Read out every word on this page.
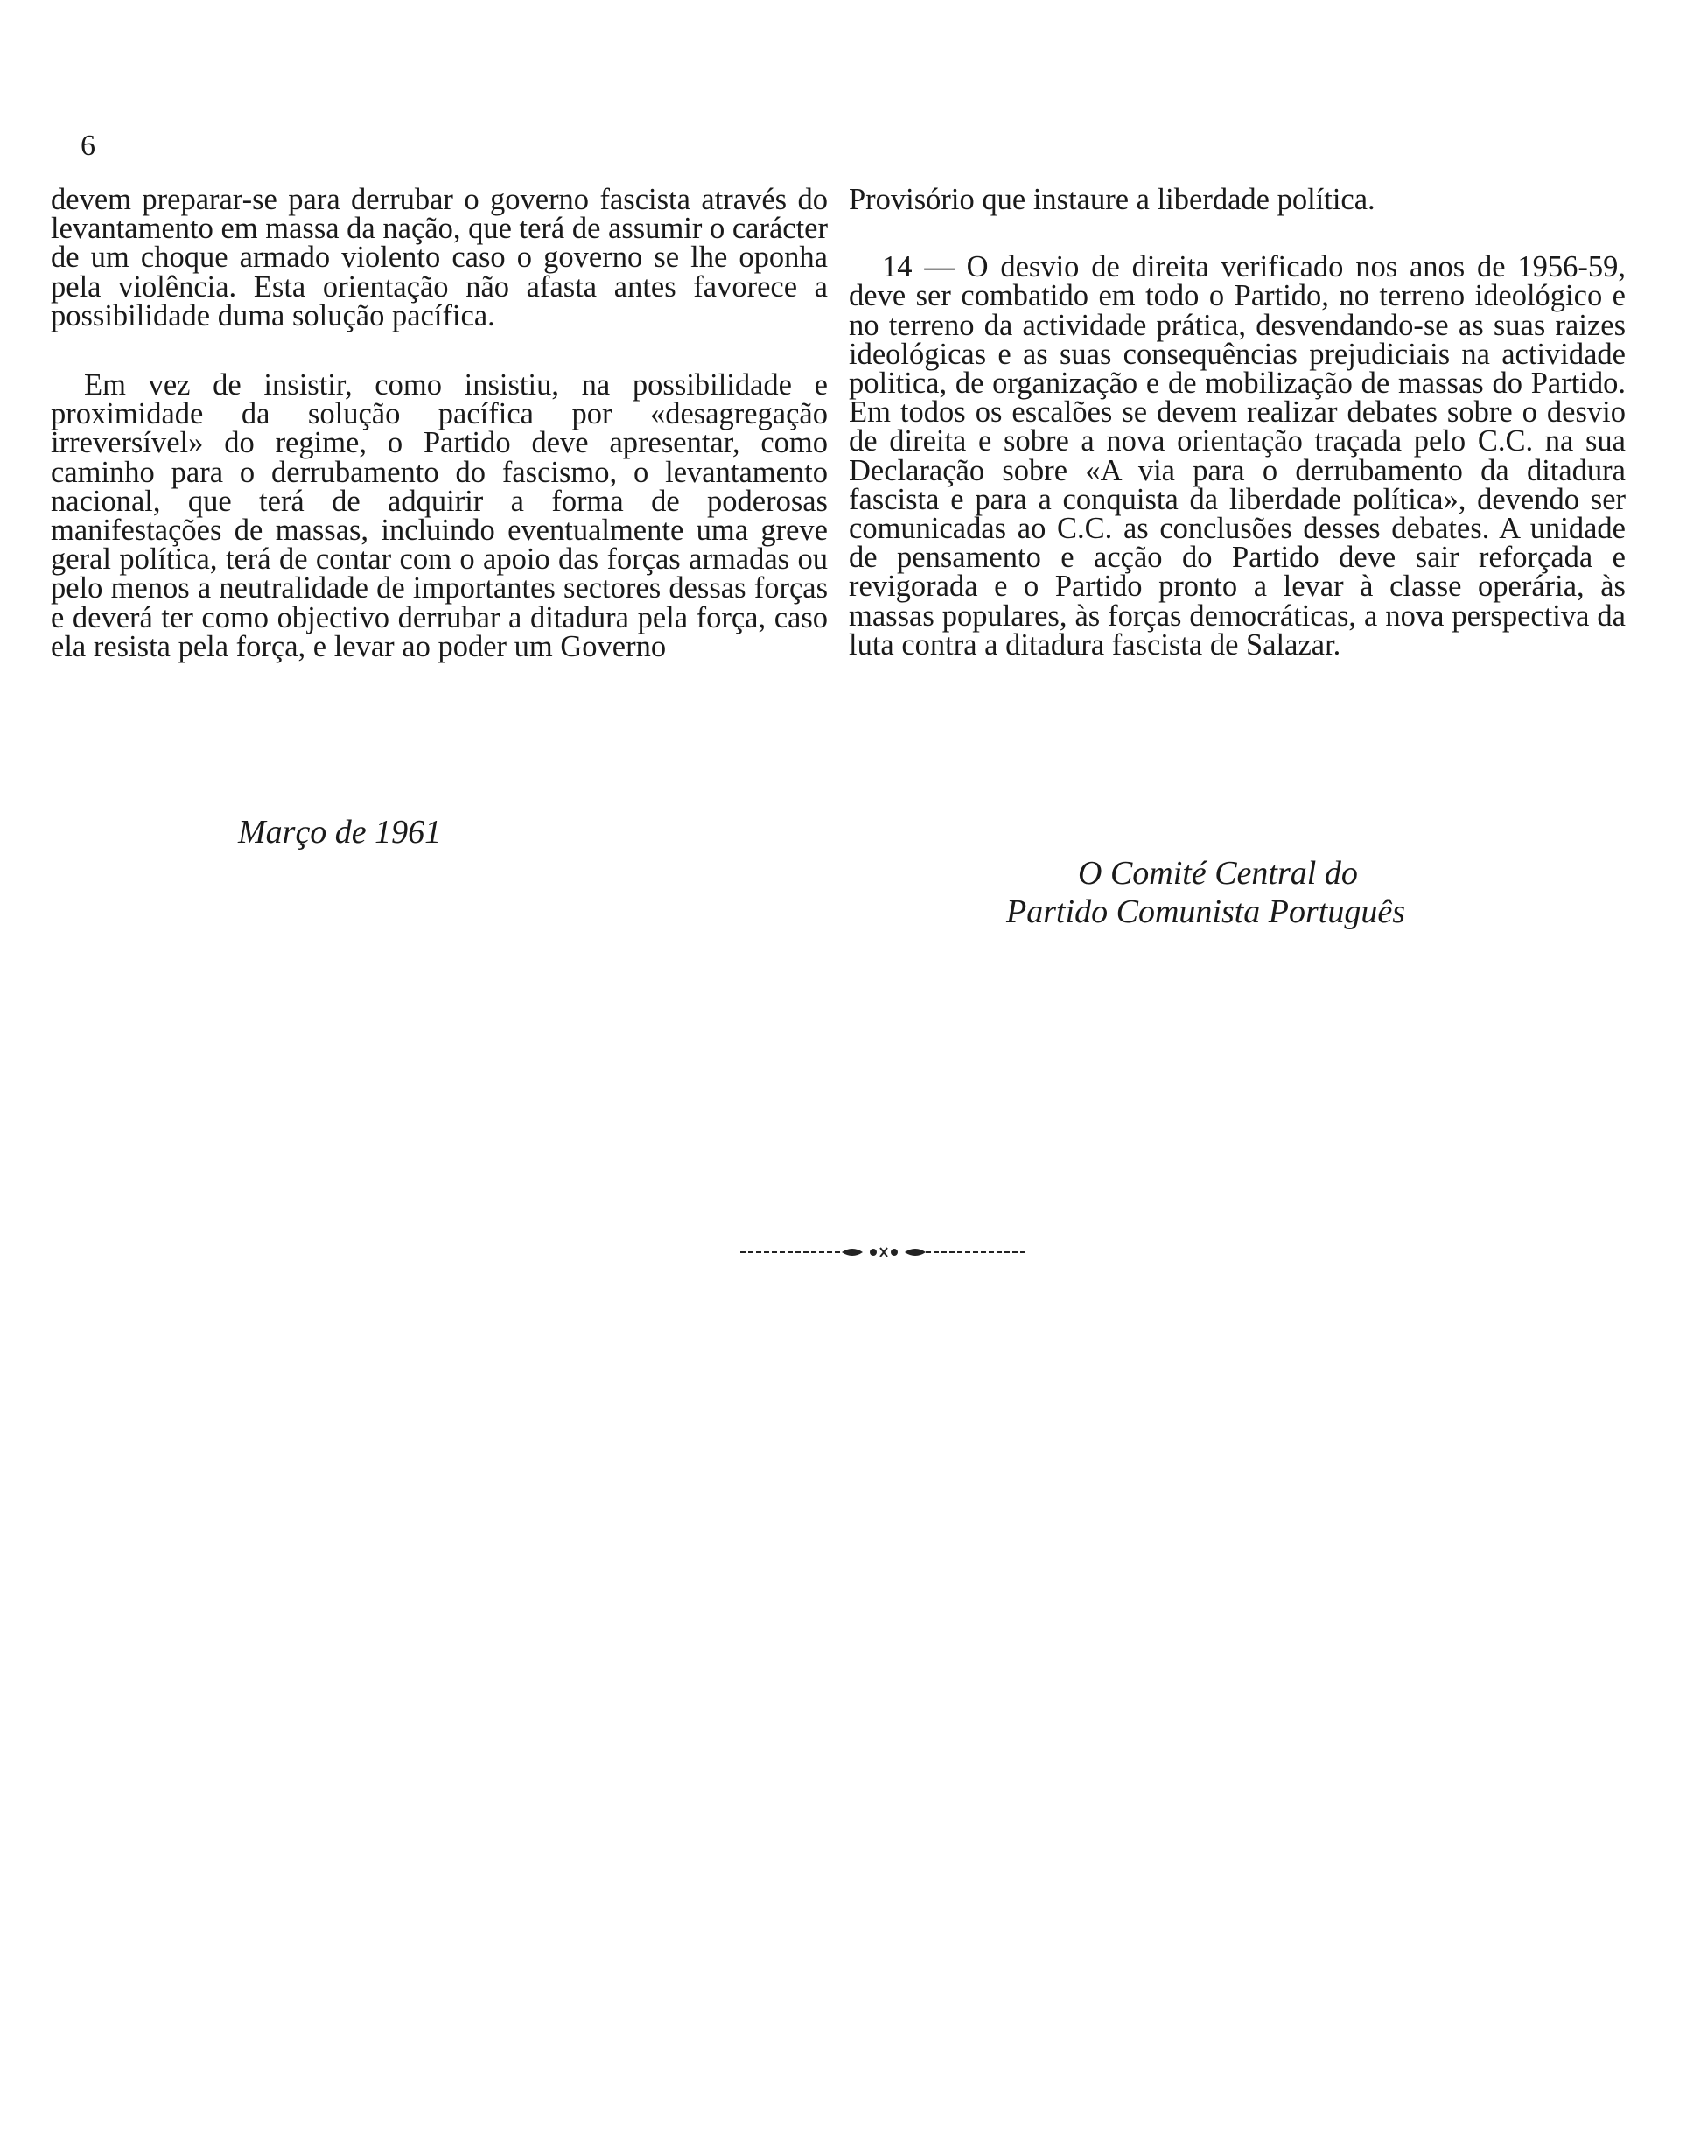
6

devem preparar-se para derrubar o governo fascista através do levantamento em massa da nação, que terá de assumir o carácter de um choque armado violento caso o governo se lhe oponha pela violência. Esta orientação não afasta antes favorece a possibilidade duma solução pacífica.

Em vez de insistir, como insistiu, na possibilidade e proximidade da solução pacífica por «desagregação irreversível» do regime, o Partido deve apresentar, como caminho para o derrubamento do fascismo, o levantamento nacional, que terá de adquirir a forma de poderosas manifestações de massas, incluindo eventualmente uma greve geral política, terá de contar com o apoio das forças armadas ou pelo menos a neutralidade de importantes sectores dessas forças e deverá ter como objectivo derrubar a ditadura pela força, caso ela resista pela força, e levar ao poder um Governo

Provisório que instaure a liberdade política.

14 — O desvio de direita verificado nos anos de 1956-59, deve ser combatido em todo o Partido, no terreno ideológico e no terreno da actividade prática, desvendando-se as suas raizes ideológicas e as suas consequências prejudiciais na actividade politica, de organização e de mobilização de massas do Partido. Em todos os escalões se devem realizar debates sobre o desvio de direita e sobre a nova orientação traçada pelo C.C. na sua Declaração sobre «A via para o derrubamento da ditadura fascista e para a conquista da liberdade política», devendo ser comunicadas ao C.C. as conclusões desses debates. A unidade de pensamento e acção do Partido deve sair reforçada e revigorada e o Partido pronto a levar à classe operária, às massas populares, às forças democráticas, a nova perspectiva da luta contra a ditadura fascista de Salazar.

Março de 1961
O Comité Central do
Partido Comunista Português
